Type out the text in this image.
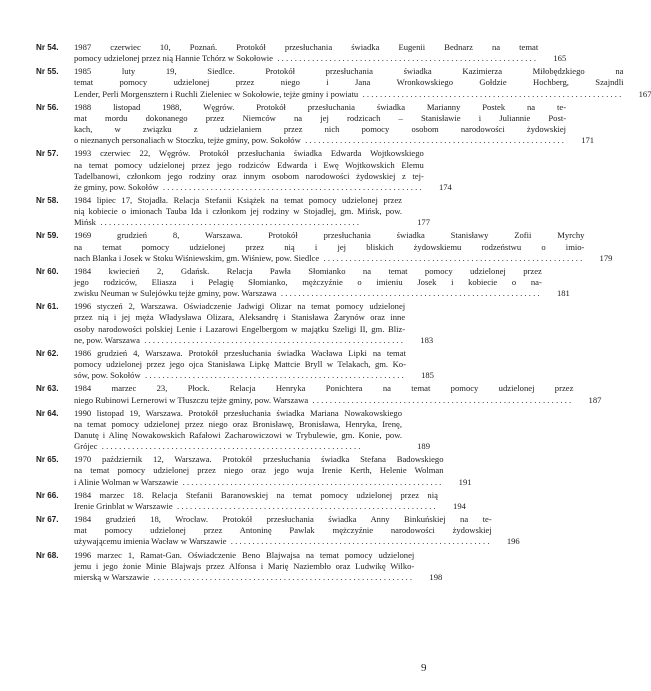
Nr 54.	1987 czerwiec 10, Poznań. Protokół przesłuchania świadka Eugenii Bednarz na temat
pomocy udzielonej przez nią Hannie Tchórz w Sokołowie ............................................................	165
Nr 55.	1985 luty 19, Siedlce. Protokół przesłuchania świadka Kazimierza Miłobędzkiego na
temat pomocy udzielonej przez niego i Jana Wronkowskiego Gołdzie Hochberg, Szajndli
Lender, Perli Morgensztern i Ruchli Zieleniec w Sokołowie, tejże gminy i powiatu ............................................................	167
Nr 56.	1988 listopad 1988, Węgrów. Protokół przesłuchania świadka Marianny Postek na te-
mat mordu dokonanego przez Niemców na jej rodzicach – Stanisławie i Juliannie Post-
kach, w związku z udzielaniem przez nich pomocy osobom narodowości żydowskiej
o nieznanych personaliach w Stoczku, tejże gminy, pow. Sokołów ............................................................	171
Nr 57.	1993 czerwiec 22, Węgrów. Protokół przesłuchania świadka Edwarda Wojtkowskiego
na temat pomocy udzielonej przez jego rodziców Edwarda i Ewę Wojtkowskich Elemu
Tadelbanowi, członkom jego rodziny oraz innym osobom narodowości żydowskiej z tej-
że gminy, pow. Sokołów ............................................................	174
Nr 58.	1984 lipiec 17, Stojadła. Relacja Stefanii Książek na temat pomocy udzielonej przez
nią kobiecie o imionach Tauba Ida i członkom jej rodziny w Stojadłej, gm. Mińsk, pow.
Mińsk ............................................................	177
Nr 59.	1969 grudzień 8, Warszawa. Protokół przesłuchania świadka Stanisławy Zofii Myrchy
na temat pomocy udzielonej przez nią i jej bliskich żydowskiemu rodzeństwu o imio-
nach Blanka i Josek w Stoku Wiśniewskim, gm. Wiśniew, pow. Siedlce ............................................................	179
Nr 60.	1984 kwiecień 2, Gdańsk. Relacja Pawła Słomianko na temat pomocy udzielonej przez
jego rodziców, Eliasza i Pelagię Słomianko, mężczyźnie o imieniu Josek i kobiecie o na-
zwisku Neuman w Sulejówku tejże gminy, pow. Warszawa ............................................................	181
Nr 61.	1996 styczeń 2, Warszawa. Oświadczenie Jadwigi Olizar na temat pomocy udzielonej
przez nią i jej męża Władysława Olizara, Aleksandrę i Stanisława Żarynów oraz inne
osoby narodowości polskiej Lenie i Lazarowi Engelbergom w majątku Szeligi II, gm. Bliz-
ne, pow. Warszawa ............................................................	183
Nr 62.	1986 grudzień 4, Warszawa. Protokół przesłuchania świadka Wacława Lipki na temat
pomocy udzielonej przez jego ojca Stanisława Lipkę Mattcie Bryll w Telakach, gm. Ko-
sów, pow. Sokołów ............................................................	185
Nr 63.	1984 marzec 23, Płock. Relacja Henryka Ponichtera na temat pomocy udzielonej przez
niego Rubinowi Lernerowi w Tłuszczu tejże gminy, pow. Warszawa ............................................................	187
Nr 64.	1990 listopad 19, Warszawa. Protokół przesłuchania świadka Mariana Nowakowskiego
na temat pomocy udzielonej przez niego oraz Bronisławę, Bronisława, Henryka, Irenę,
Danutę i Alinę Nowakowskich Rafałowi Zacharowiczowi w Trybulewie, gm. Konie, pow.
Grójec ............................................................	189
Nr 65.	1970 październik 12, Warszawa. Protokół przesłuchania świadka Stefana Badowskiego
na temat pomocy udzielonej przez niego oraz jego wuja Irenie Kerth, Helenie Wolman
i Alinie Wolman w Warszawie ............................................................	191
Nr 66.	1984 marzec 18. Relacja Stefanii Baranowskiej na temat pomocy udzielonej przez nią
Irenie Grinblat w Warszawie ............................................................	194
Nr 67.	1984 grudzień 18, Wrocław. Protokół przesłuchania świadka Anny Binkuńskiej na te-
mat pomocy udzielonej przez Antoninę Pawlak mężczyźnie narodowości żydowskiej
używającemu imienia Wacław w Warszawie ............................................................	196
Nr 68.	1996 marzec 1, Ramat-Gan. Oświadczenie Beno Blajwajsa na temat pomocy udzielonej
jemu i jego żonie Minie Blajwajs przez Alfonsa i Marię Naziembło oraz Ludwikę Wilko-
mierską w Warszawie ............................................................	198
9
